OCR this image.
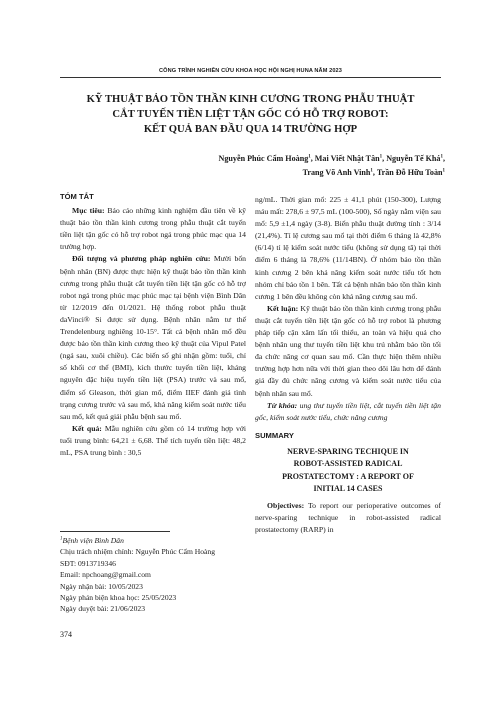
CÔNG TRÌNH NGHIÊN CỨU KHOA HỌC HỘI NGHỊ HUNA NĂM 2023
KỸ THUẬT BẢO TỒN THẦN KINH CƯƠNG TRONG PHẪU THUẬT
CẮT TUYẾN TIỀN LIỆT TẬN GỐC CÓ HỖ TRỢ ROBOT:
KẾT QUẢ BAN ĐẦU QUA 14 TRƯỜNG HỢP
Nguyễn Phúc Cẩm Hoàng$^1$, Mai Viết Nhật Tân$^1$, Nguyễn Tế Khá$^1$,
Trang Võ Anh Vinh$^1$, Trần Đỗ Hữu Toàn$^1$
TÓM TẮT

Mục tiêu: Báo cáo những kinh nghiệm đầu tiên về kỹ thuật bảo tồn thần kinh cương trong phẫu thuật cắt tuyến tiền liệt tận gốc có hỗ trợ robot ngả trong phúc mạc qua 14 trường hợp.

Đối tượng và phương pháp nghiên cứu: Mười bốn bệnh nhân (BN) được thực hiện kỹ thuật bảo tồn thần kinh cương trong phẫu thuật cắt tuyến tiền liệt tận gốc có hỗ trợ robot ngả trong phúc mạc phúc mạc tại bệnh viện Bình Dân từ 12/2019 đến 01/2021. Hệ thống robot phẫu thuật daVinci® Si được sử dụng. Bệnh nhân nằm tư thế Trendelenburg nghiêng 10-15°. Tất cả bệnh nhân mổ đều được bảo tồn thần kinh cương theo kỹ thuật của Vipul Patel (ngả sau, xuôi chiều). Các biến số ghi nhận gồm: tuổi, chỉ số khối cơ thể (BMI), kích thước tuyến tiền liệt, kháng nguyên đặc hiệu tuyến tiền liệt (PSA) trước và sau mổ, điểm số Gleason, thời gian mổ, điểm IIEF đánh giá tình trạng cương trước và sau mổ, khả năng kiểm soát nước tiểu sau mổ, kết quả giải phẫu bệnh sau mổ.

Kết quả: Mẫu nghiên cứu gồm có 14 trường hợp với tuổi trung bình: 64,21 ± 6,68. Thể tích tuyến tiền liệt: 48,2 mL, PSA trung bình : 30,5

$^1$Bệnh viện Bình Dân
Chịu trách nhiệm chính: Nguyễn Phúc Cẩm Hoàng
SĐT: 0913719346
Email: npchoang@gmail.com
Ngày nhận bài: 10/05/2023
Ngày phản biện khoa học: 25/05/2023
Ngày duyệt bài: 21/06/2023

ng/mL. Thời gian mổ: 225 ± 41,1 phút (150-300), Lượng máu mất: 278,6 ± 97,5 mL (100-500), Số ngày nằm viện sau mổ: 5,9 ±1,4 ngày (3-8). Biến phẫu thuật đường tính : 3/14 (21,4%). Tỉ lệ cương sau mổ tại thời điểm 6 tháng là 42,8% (6/14) tỉ lệ kiểm soát nước tiểu (không sử dụng tã) tại thời điểm 6 tháng là 78,6% (11/14BN). Ở nhóm bảo tồn thần kinh cương 2 bên khả năng kiểm soát nước tiểu tốt hơn nhóm chỉ bảo tồn 1 bên. Tất cả bệnh nhân bảo tồn thần kinh cương 1 bên đều không còn khả năng cương sau mổ.

Kết luận: Kỹ thuật bảo tồn thần kinh cương trong phẫu thuật cắt tuyến tiền liệt tận gốc có hỗ trợ robot là phương pháp tiếp cận xâm lấn tối thiểu, an toàn và hiệu quả cho bệnh nhân ung thư tuyến tiền liệt khu trú nhằm bảo tồn tối đa chức năng cơ quan sau mổ. Cần thực hiện thêm nhiều trường hợp hơn nữa với thời gian theo dõi lâu hơn để đánh giá đầy đủ chức năng cương và kiểm soát nước tiểu của bệnh nhân sau mổ.

Từ khóa: ung thư tuyến tiền liệt, cắt tuyến tiền liệt tận gốc, kiểm soát nước tiểu, chức năng cương

SUMMARY
NERVE-SPARING TECHIQUE IN
ROBOT-ASSISTED RADICAL
PROSTATECTOMY : A REPORT OF
INITIAL 14 CASES

Objectives: To report our perioperative outcomes of nerve-sparing technique in robot-assisted radical prostatectomy (RARP) in

374
